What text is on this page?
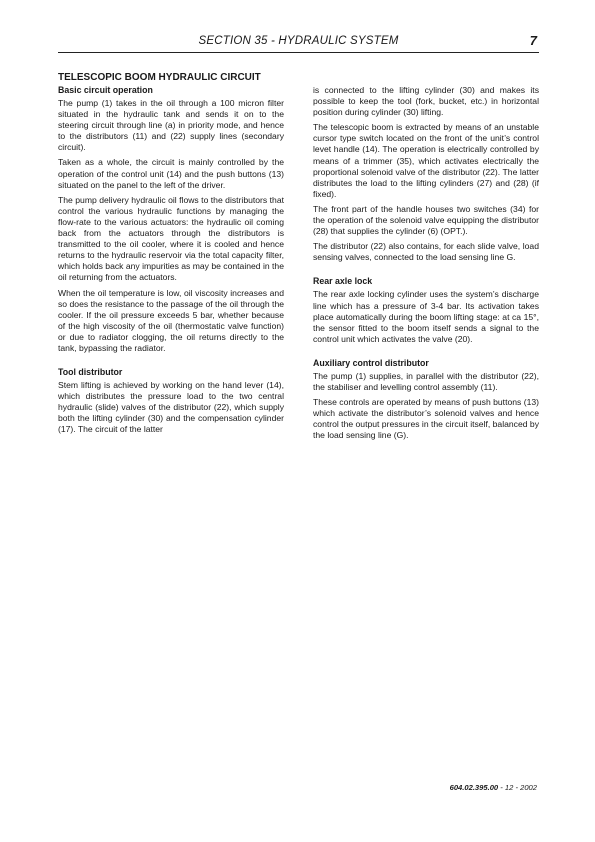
SECTION 35 - HYDRAULIC SYSTEM	7
TELESCOPIC BOOM HYDRAULIC CIRCUIT
Basic circuit operation

The pump (1) takes in the oil through a 100 micron filter situated in the hydraulic tank and sends it on to the steering circuit through line (a) in priority mode, and hence to the distributors (11) and (22) supply lines (secondary circuit).

Taken as a whole, the circuit is mainly controlled by the operation of the control unit (14) and the push buttons (13) situated on the panel to the left of the driver.

The pump delivery hydraulic oil flows to the distributors that control the various hydraulic functions by managing the flow-rate to the various actuators: the hydraulic oil coming back from the actuators through the distributors is transmitted to the oil cooler, where it is cooled and hence returns to the hydraulic reservoir via the total capacity filter, which holds back any impurities as may be contained in the oil returning from the actuators.

When the oil temperature is low, oil viscosity increases and so does the resistance to the passage of the oil through the cooler. If the oil pressure exceeds 5 bar, whether because of the high viscosity of the oil (thermostatic valve function) or due to radiator clogging, the oil returns directly to the tank, bypassing the radiator.

Tool distributor

Stem lifting is achieved by working on the hand lever (14), which distributes the pressure load to the two central hydraulic (slide) valves of the distributor (22), which supply both the lifting cylinder (30) and the compensation cylinder (17). The circuit of the latter

is connected to the lifting cylinder (30) and makes its possible to keep the tool (fork, bucket, etc.) in horizontal position during cylinder (30) lifting.

The telescopic boom is extracted by means of an unstable cursor type switch located on the front of the unit’s control levet handle (14). The operation is electrically controlled by means of a trimmer (35), which activates electrically the proportional solenoid valve of the distributor (22). The latter distributes the load to the lifting cylinders (27) and (28) (if fixed).

The front part of the handle houses two switches (34) for the operation of the solenoid valve equipping the distributor (28) that supplies the cylinder (6) (OPT.).

The distributor (22) also contains, for each slide valve, load sensing valves, connected to the load sensing line G.

Rear axle lock

The rear axle locking cylinder uses the system’s discharge line which has a pressure of 3-4 bar. Its activation takes place automatically during the boom lifting stage: at ca 15°, the sensor fitted to the boom itself sends a signal to the control unit which activates the valve (20).

Auxiliary control distributor

The pump (1) supplies, in parallel with the distributor (22), the stabiliser and levelling control assembly (11).

These controls are operated by means of push buttons (13) which activate the distributor’s solenoid valves and hence control the output pressures in the circuit itself, balanced by the load sensing line (G).

604.02.395.00 - 12 - 2002
